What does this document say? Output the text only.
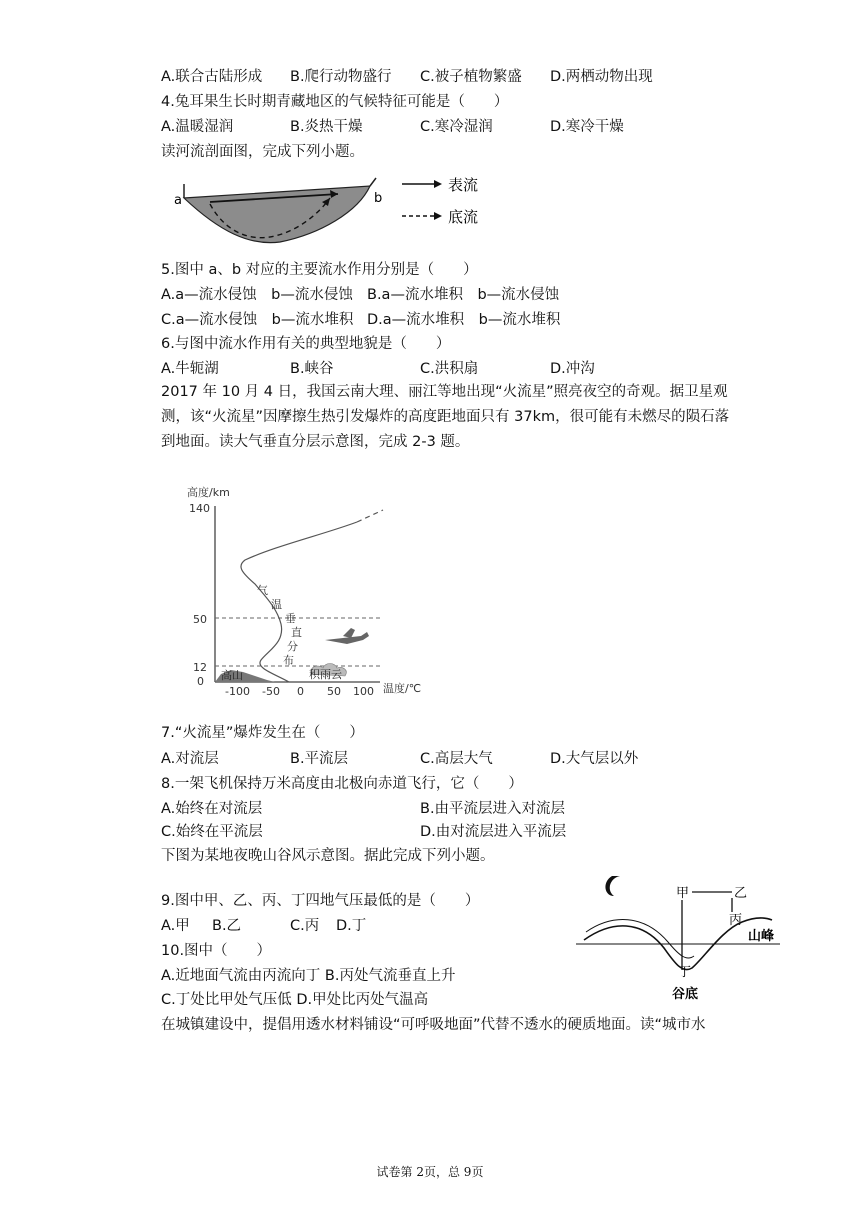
A.联合古陆形成 B.爬行动物盛行 C.被子植物繁盛 D.两栖动物出现
4.兔耳果生长时期青藏地区的气候特征可能是（　　）
A.温暖湿润	B.炎热干燥	C.寒冷湿润	D.寒冷干燥
读河流剖面图，完成下列小题。
a	b
表流
底流
5.图中 a、b 对应的主要流水作用分别是（　　）
A.a—流水侵蚀　b—流水侵蚀 B.a—流水堆积　b—流水侵蚀
C.a—流水侵蚀　b—流水堆积 D.a—流水堆积　b—流水堆积
6.与图中流水作用有关的典型地貌是（　　）
A.牛轭湖	B.峡谷	C.洪积扇	D.冲沟
2017 年 10 月 4 日，我国云南大理、丽江等地出现“火流星”照亮夜空的奇观。据卫星观测，该“火流星”因摩擦生热引发爆炸的高度距地面只有 37km，很可能有未燃尽的陨石落到地面。读大气垂直分层示意图，完成 2-3 题。
高度/km
140
50
12
0 高山
气
温
垂
直
分
布
积雨云
-100 -50 0 50 100 温度/℃
7.“火流星”爆炸发生在（　　）
A.对流层	B.平流层	C.高层大气	D.大气层以外
8.一架飞机保持万米高度由北极向赤道飞行，它（　　）
A.始终在对流层	B.由平流层进入对流层
C.始终在平流层	D.由对流层进入平流层
下图为某地夜晚山谷风示意图。据此完成下列小题。
9.图中甲、乙、丙、丁四地气压最低的是（　　）
A.甲 B.乙	C.丙 D.丁
10.图中（　　）
A.近地面气流由丙流向丁 B.丙处气流垂直上升
C.丁处比甲处气压低 D.甲处比丙处气温高
甲	乙
丙
丁
山峰
谷底
在城镇建设中，提倡用透水材料铺设“可呼吸地面”代替不透水的硬质地面。读“城市水
试卷第 2页，总 9页
